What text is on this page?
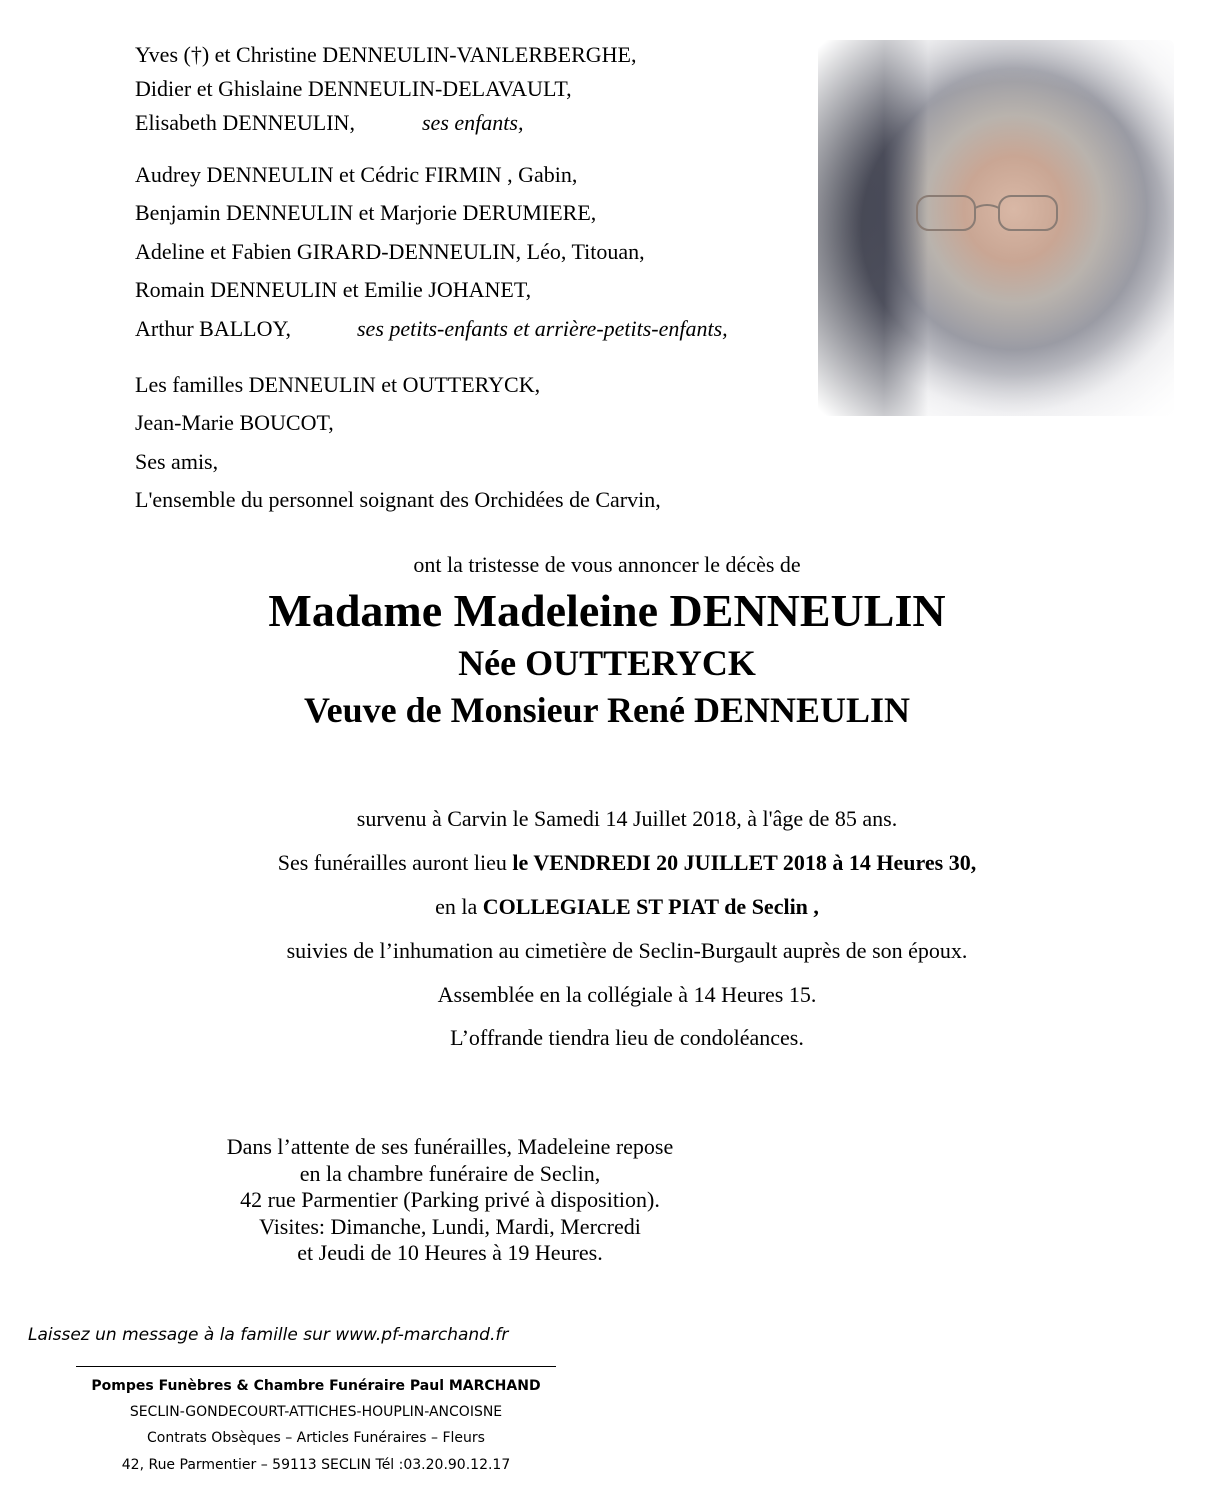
Yves (†) et Christine DENNEULIN-VANLERBERGHE,
Didier et Ghislaine DENNEULIN-DELAVAULT,
Elisabeth DENNEULIN,	ses enfants,
Audrey DENNEULIN et Cédric FIRMIN , Gabin,
Benjamin DENNEULIN et Marjorie DERUMIERE,
Adeline et Fabien GIRARD-DENNEULIN, Léo, Titouan,
Romain DENNEULIN et Emilie JOHANET,
Arthur BALLOY,	ses petits-enfants et arrière-petits-enfants,
Les familles DENNEULIN et OUTTERYCK,
Jean-Marie BOUCOT,
Ses amis,
L'ensemble du personnel soignant des Orchidées de Carvin,
ont la tristesse de vous annoncer le décès de
Madame Madeleine DENNEULIN
Née OUTTERYCK
Veuve de Monsieur René DENNEULIN
survenu à Carvin le Samedi 14 Juillet 2018, à l'âge de 85 ans.
Ses funérailles auront lieu le VENDREDI 20 JUILLET 2018 à 14 Heures 30,
en la COLLEGIALE ST PIAT de Seclin ,
suivies de l’inhumation au cimetière de Seclin-Burgault auprès de son époux.
Assemblée en la collégiale à 14 Heures 15.
L’offrande tiendra lieu de condoléances.
Dans l’attente de ses funérailles, Madeleine repose
en la chambre funéraire de Seclin,
42 rue Parmentier (Parking privé à disposition).
Visites: Dimanche, Lundi, Mardi, Mercredi
et Jeudi de 10 Heures à 19 Heures.
Laissez un message à la famille sur www.pf-marchand.fr
Pompes Funèbres & Chambre Funéraire Paul MARCHAND
SECLIN-GONDECOURT-ATTICHES-HOUPLIN-ANCOISNE
Contrats Obsèques – Articles Funéraires – Fleurs
42, Rue Parmentier – 59113 SECLIN Tél :03.20.90.12.17
